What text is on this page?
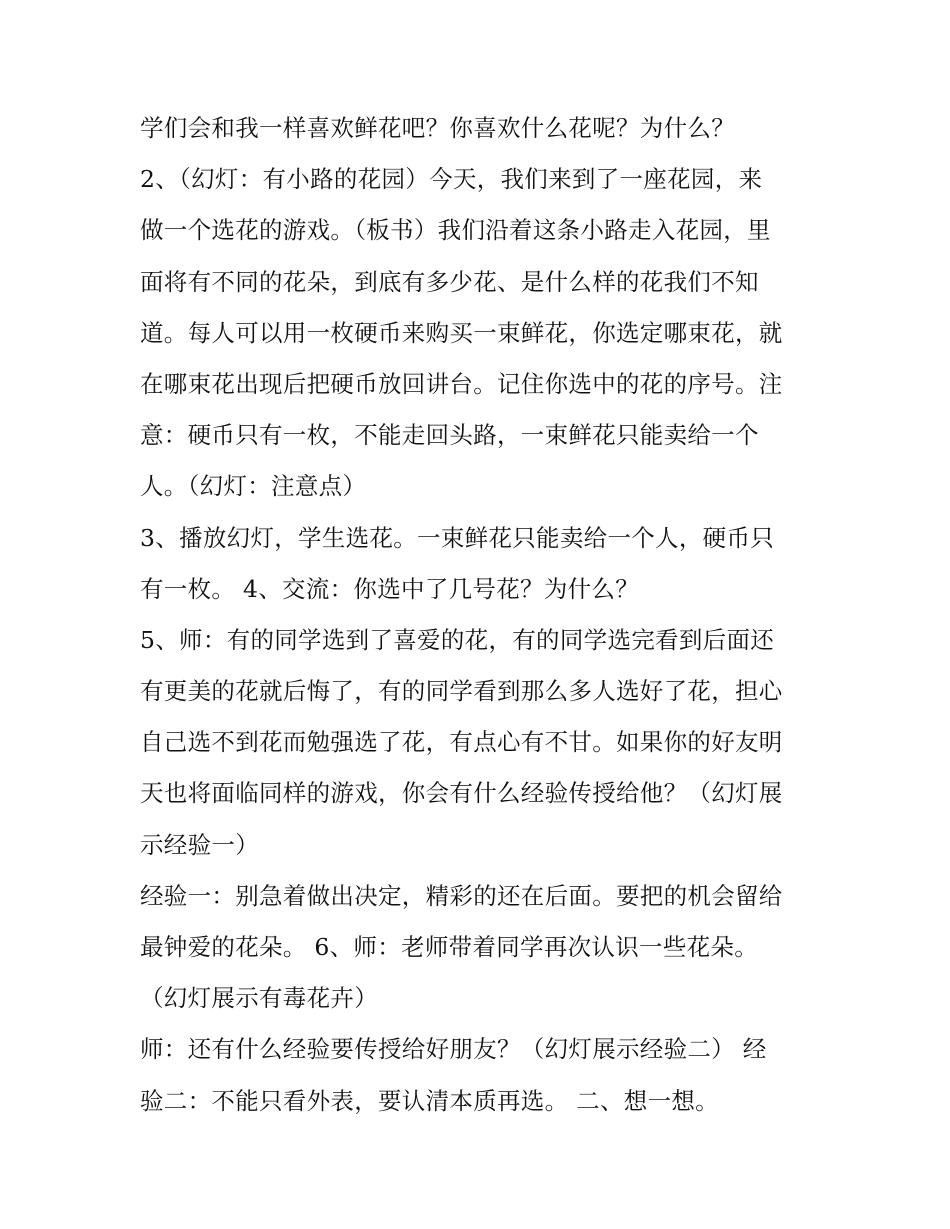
学们会和我一样喜欢鲜花吧？你喜欢什么花呢？为什么？
2、（幻灯：有小路的花园）今天，我们来到了一座花园，来
做一个选花的游戏。（板书）我们沿着这条小路走入花园，里
面将有不同的花朵，到底有多少花、是什么样的花我们不知
道。每人可以用一枚硬币来购买一束鲜花，你选定哪束花，就
在哪束花出现后把硬币放回讲台。记住你选中的花的序号。注
意：硬币只有一枚，不能走回头路，一束鲜花只能卖给一个
人。（幻灯：注意点）
3、播放幻灯，学生选花。一束鲜花只能卖给一个人，硬币只
有一枚。 4、交流：你选中了几号花？为什么？
5、师：有的同学选到了喜爱的花，有的同学选完看到后面还
有更美的花就后悔了，有的同学看到那么多人选好了花，担心
自己选不到花而勉强选了花，有点心有不甘。如果你的好友明
天也将面临同样的游戏，你会有什么经验传授给他？（幻灯展
示经验一）
经验一：别急着做出决定，精彩的还在后面。要把的机会留给
最钟爱的花朵。 6、师：老师带着同学再次认识一些花朵。
（幻灯展示有毒花卉）
师：还有什么经验要传授给好朋友？（幻灯展示经验二） 经
验二：不能只看外表，要认清本质再选。 二、想一想。
